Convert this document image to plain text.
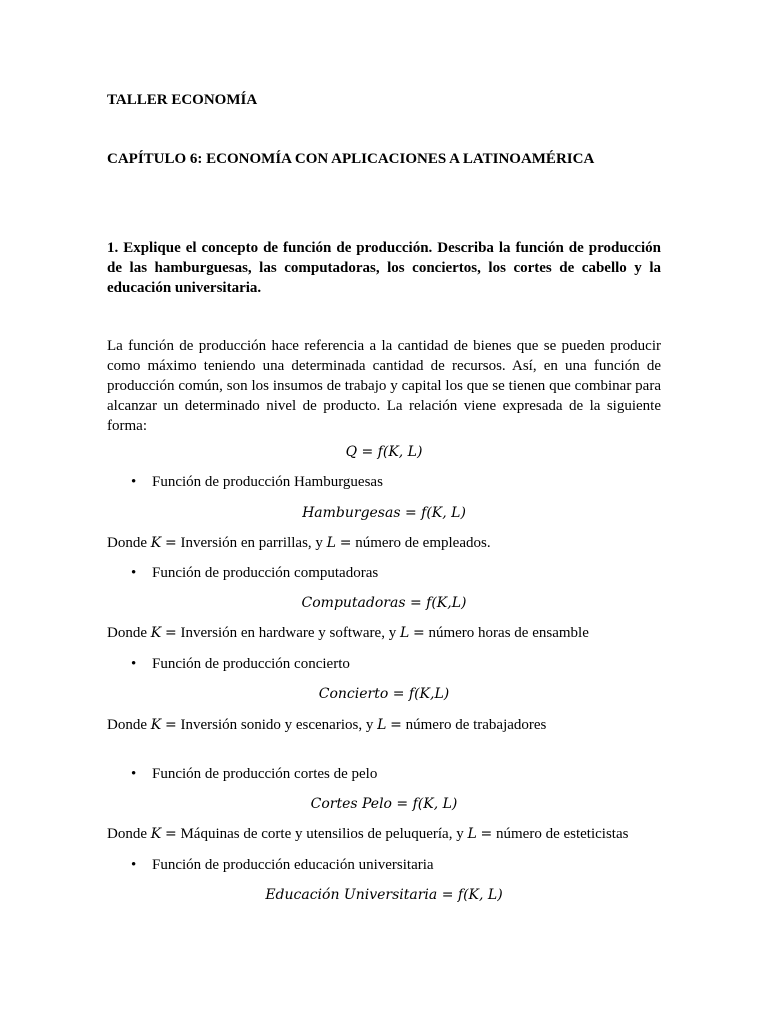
TALLER ECONOMÍA
CAPÍTULO 6: ECONOMÍA CON APLICACIONES A LATINOAMÉRICA
1. Explique el concepto de función de producción. Describa la función de producción de las hamburguesas, las computadoras, los conciertos, los cortes de cabello y la educación universitaria.
La función de producción hace referencia a la cantidad de bienes que se pueden producir como máximo teniendo una determinada cantidad de recursos. Así, en una función de producción común, son los insumos de trabajo y capital los que se tienen que combinar para alcanzar un determinado nivel de producto. La relación viene expresada de la siguiente forma:
Q = f(K, L)
• Función de producción Hamburguesas
Hamburgesas = f(K, L)
Donde K = Inversión en parrillas, y L = número de empleados.
• Función de producción computadoras
Computadoras = f(K,L)
Donde K = Inversión en hardware y software, y L = número horas de ensamble
• Función de producción concierto
Concierto = f(K,L)
Donde K = Inversión sonido y escenarios, y L = número de trabajadores
• Función de producción cortes de pelo
Cortes Pelo = f(K, L)
Donde K = Máquinas de corte y utensilios de peluquería, y L = número de esteticistas
• Función de producción educación universitaria
Educación Universitaria = f(K, L)
